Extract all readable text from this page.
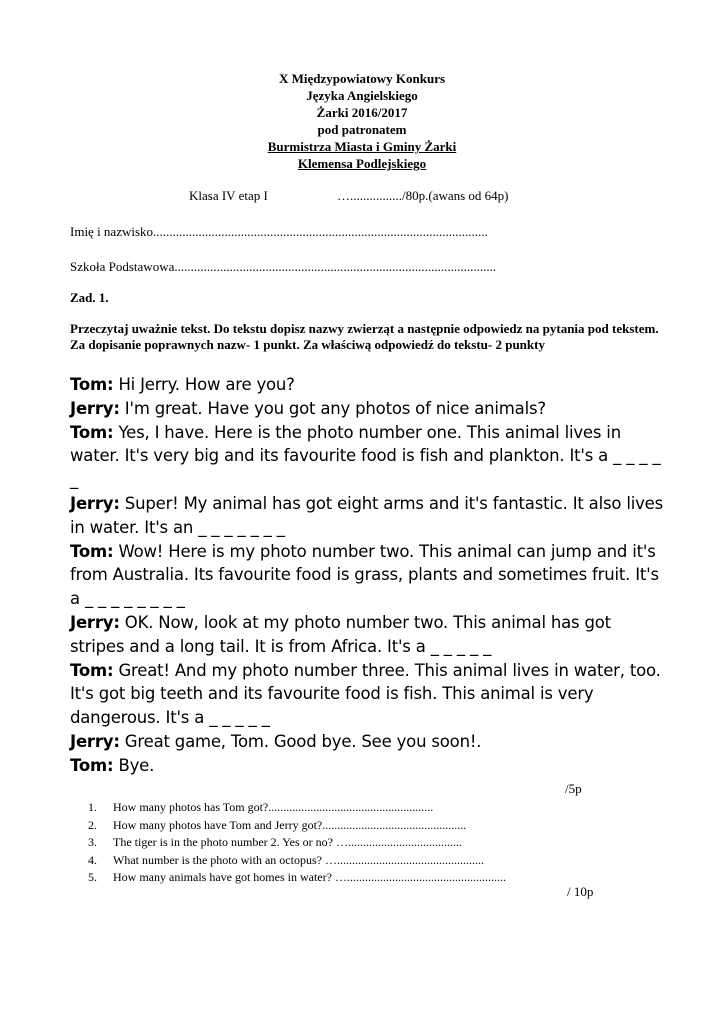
X Międzypowiatowy Konkurs
Języka Angielskiego
Żarki 2016/2017
pod patronatem
Burmistrza Miasta i Gminy Żarki
Klemensa Podlejskiego
Klasa IV etap I	…................/80p.(awans od 64p)
Imię i nazwisko.......................................................................................................
Szkoła Podstawowa...................................................................................................
Zad. 1.
Przeczytaj uważnie tekst. Do tekstu dopisz nazwy zwierząt a następnie odpowiedz na pytania pod tekstem. Za dopisanie poprawnych nazw- 1 punkt. Za właściwą odpowiedź do tekstu- 2 punkty

Tom: Hi Jerry. How are you?

Jerry: I'm great. Have you got any photos of nice animals?

Tom: Yes, I have. Here is the photo number one. This animal lives in water. It's very big and its favourite food is fish and plankton. It's a _ _ _ _ _

Jerry: Super! My animal has got eight arms and it's fantastic. It also lives in water. It's an _ _ _ _ _ _ _

Tom: Wow! Here is my photo number two. This animal can jump and it's from Australia. Its favourite food is grass, plants and sometimes fruit. It's a _ _ _ _ _ _ _ _

Jerry: OK. Now, look at my photo number two. This animal has got stripes and a long tail. It is from Africa. It's a _ _ _ _ _

Tom: Great! And my photo number three. This animal lives in water, too. It's got big teeth and its favourite food is fish. This animal is very dangerous. It's a _ _ _ _ _

Jerry: Great game, Tom. Good bye. See you soon!.

Tom: Bye.

/5p
1. How many photos has Tom got?.......................................................
2. How many photos have Tom and Jerry got?................................................
3. The tiger is in the photo number 2. Yes or no? …......................................
4. What number is the photo with an octopus? ….................................................
5. How many animals have got homes in water? ….....................................................
/ 10p
